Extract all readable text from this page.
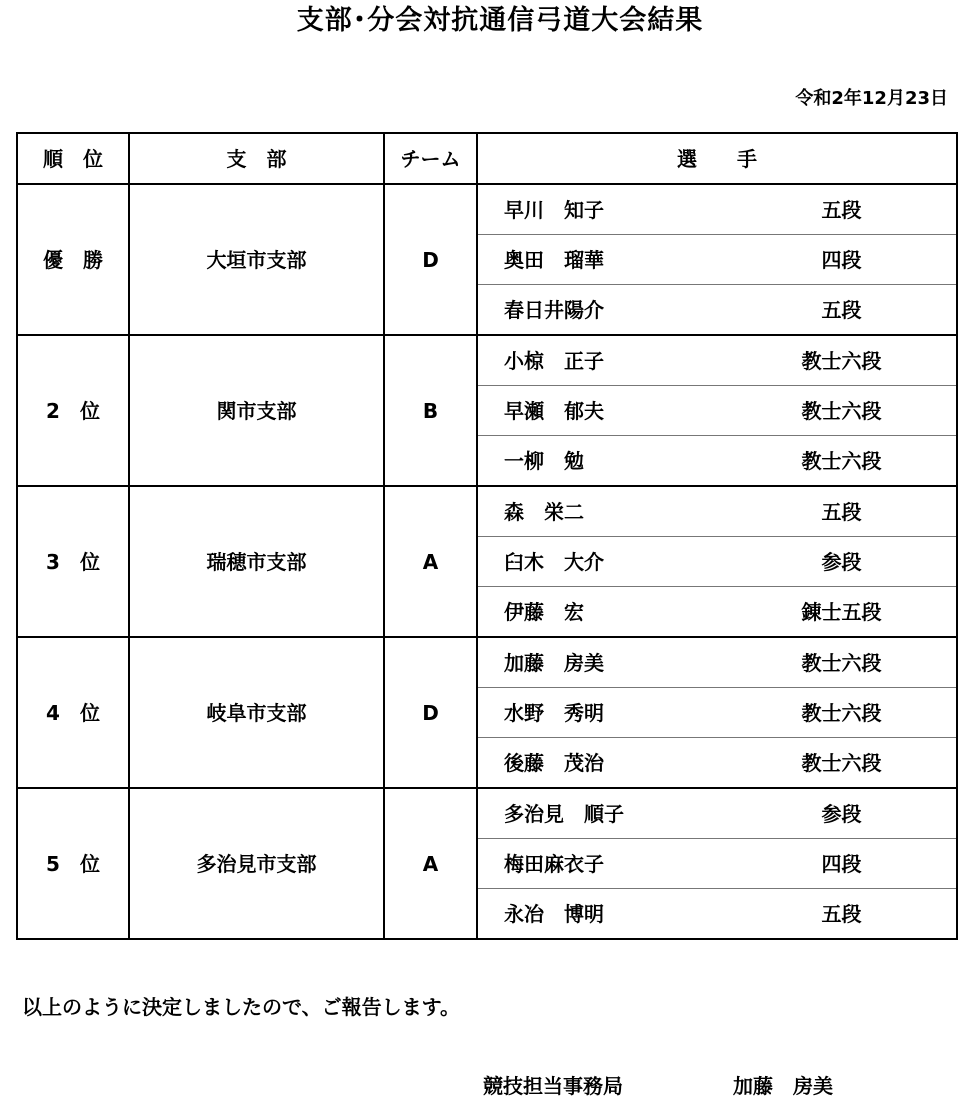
支部･分会対抗通信弓道大会結果
令和2年12月23日
順　位	支　部	チーム	選　　手	
優　勝	大垣市支部	D	早川　知子	五段
			奥田　瑠華	四段
			春日井陽介	五段
2　位	関市支部	B	小椋　正子	教士六段
			早瀬　郁夫	教士六段
			一柳　勉	教士六段
3　位	瑞穂市支部	A	森　栄二	五段
			臼木　大介	参段
			伊藤　宏	錬士五段
4　位	岐阜市支部	D	加藤　房美	教士六段
			水野　秀明	教士六段
			後藤　茂治	教士六段
5　位	多治見市支部	A	多治見　順子	参段
			梅田麻衣子	四段
			永冶　博明	五段
以上のように決定しましたので、ご報告します。
競技担当事務局	加藤　房美
